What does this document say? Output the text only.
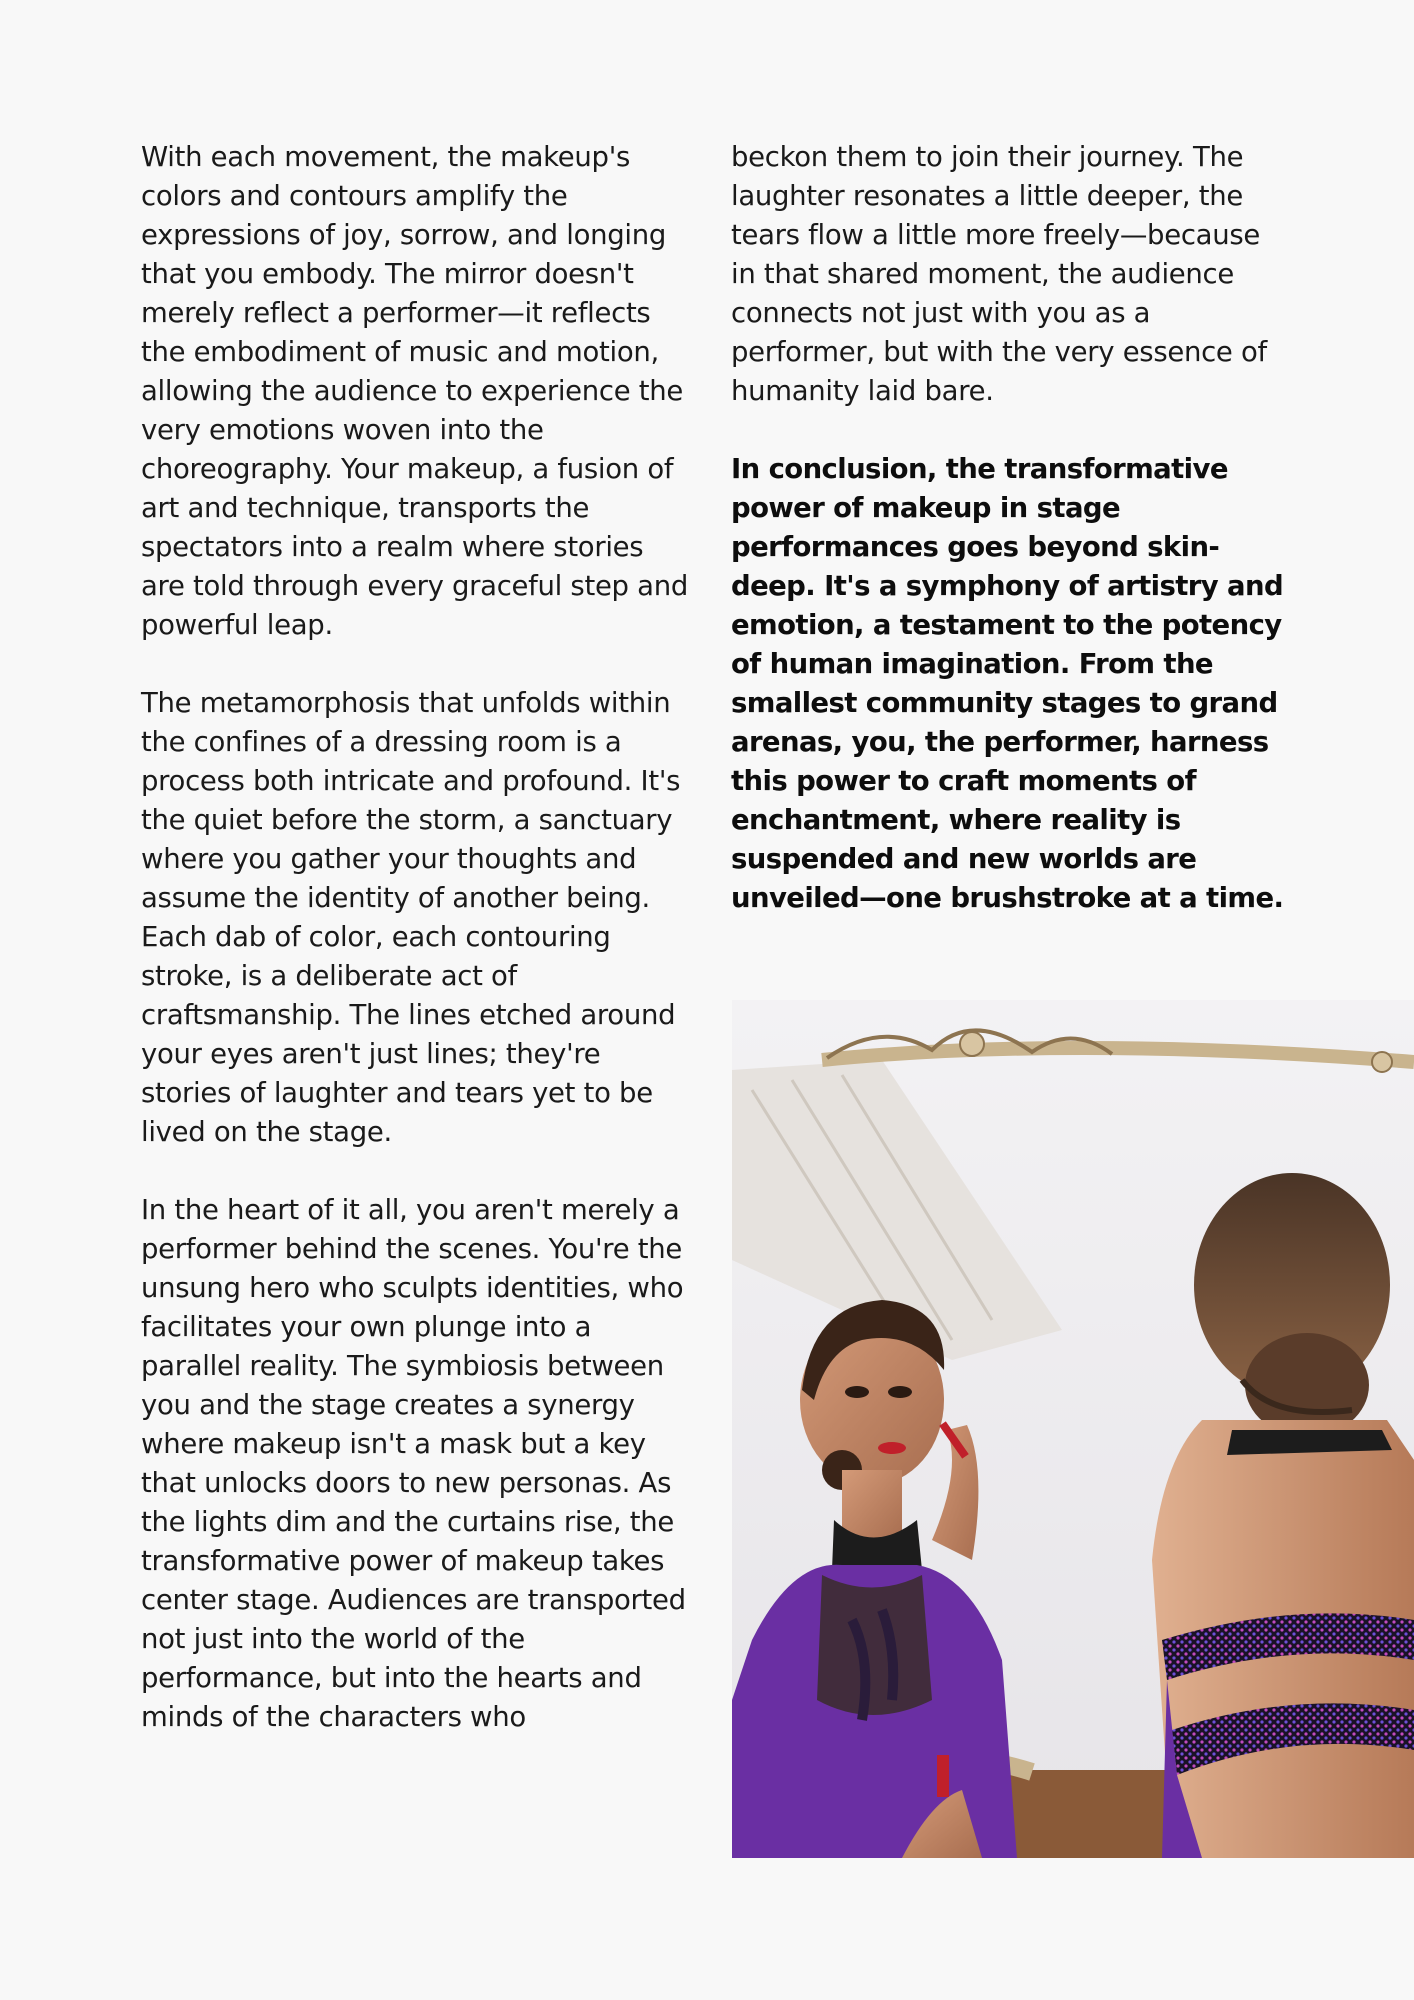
With each movement, the makeup's colors and contours amplify the expressions of joy, sorrow, and longing that you embody. The mirror doesn't merely reflect a performer—it reflects the embodiment of music and motion, allowing the audience to experience the very emotions woven into the choreography. Your makeup, a fusion of art and technique, transports the spectators into a realm where stories are told through every graceful step and powerful leap.

The metamorphosis that unfolds within the confines of a dressing room is a process both intricate and profound. It's the quiet before the storm, a sanctuary where you gather your thoughts and assume the identity of another being. Each dab of color, each contouring stroke, is a deliberate act of craftsmanship. The lines etched around your eyes aren't just lines; they're stories of laughter and tears yet to be lived on the stage.

In the heart of it all, you aren't merely a performer behind the scenes. You're the unsung hero who sculpts identities, who facilitates your own plunge into a parallel reality. The symbiosis between you and the stage creates a synergy where makeup isn't a mask but a key that unlocks doors to new personas. As the lights dim and the curtains rise, the transformative power of makeup takes center stage. Audiences are transported not just into the world of the performance, but into the hearts and minds of the characters who

beckon them to join their journey. The laughter resonates a little deeper, the tears flow a little more freely—because in that shared moment, the audience connects not just with you as a performer, but with the very essence of humanity laid bare.

In conclusion, the transformative power of makeup in stage performances goes beyond skin-deep. It's a symphony of artistry and emotion, a testament to the potency of human imagination. From the smallest community stages to grand arenas, you, the performer, harness this power to craft moments of enchantment, where reality is suspended and new worlds are unveiled—one brushstroke at a time.
